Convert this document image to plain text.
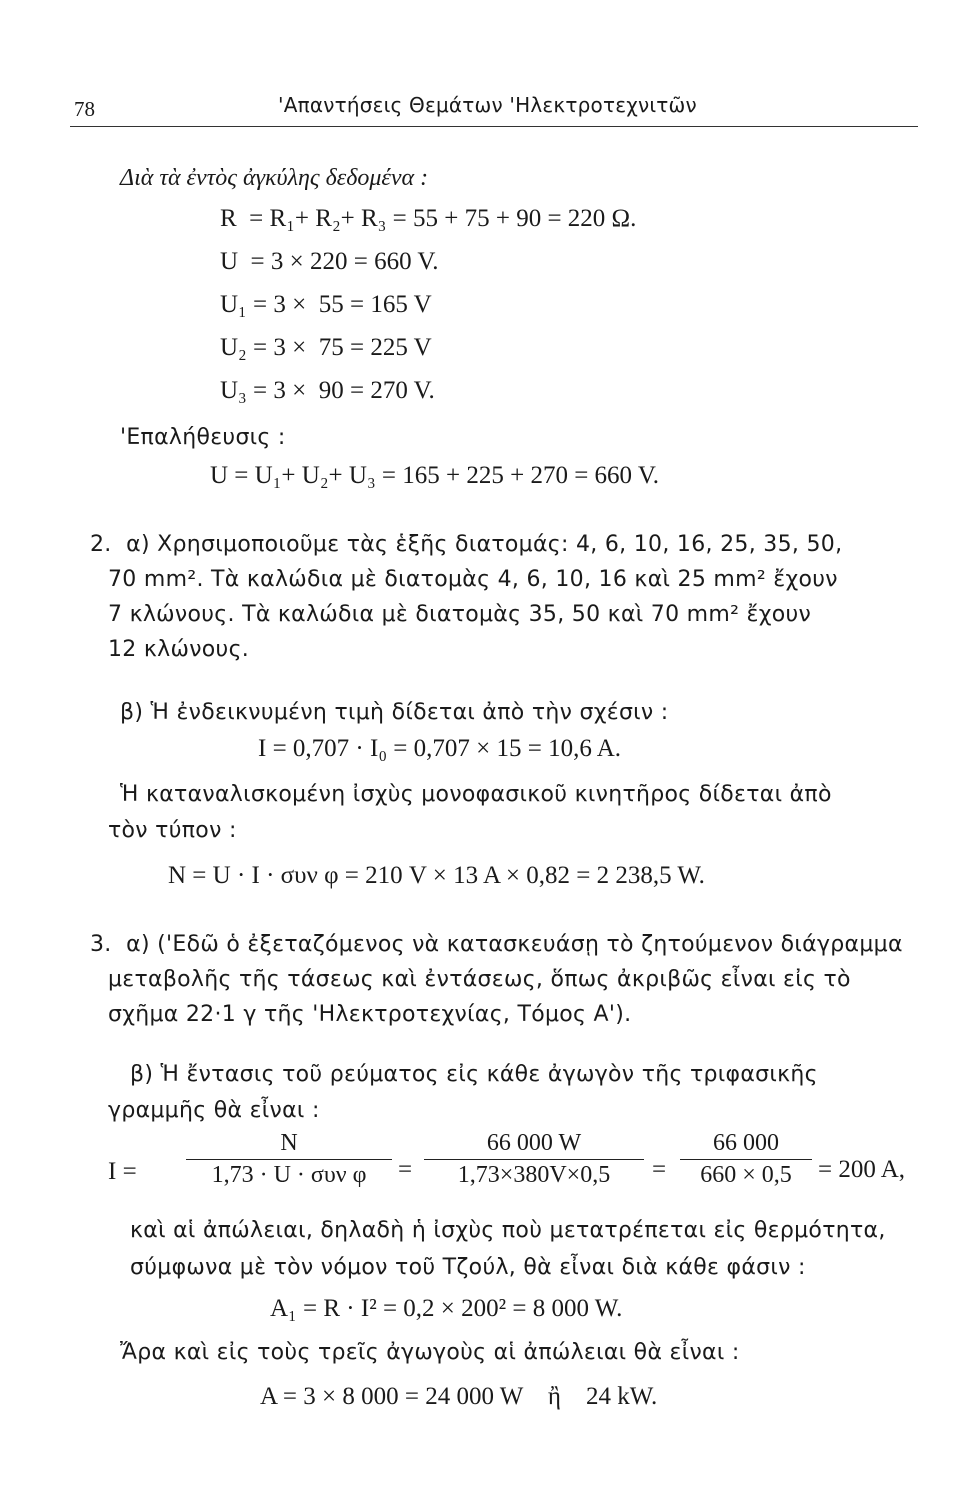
78	'Απαντήσεις Θεμάτων 'Ηλεκτροτεχνιτῶν
Διὰ τὰ ἐντὸς ἀγκύλης δεδομένα :
R  = R₁+ R₂+ R₃ = 55 + 75 + 90 = 220 Ω.
U  = 3 × 220 = 660 V.
U₁ = 3 ×  55 = 165 V
U₂ = 3 ×  75 = 225 V
U₃ = 3 ×  90 = 270 V.
'Επαλήθευσις :
U = U₁+ U₂+ U₃ = 165 + 225 + 270 = 660 V.
2.  α) Χρησιμοποιοῦμε τὰς ἑξῆς διατομάς: 4, 6, 10, 16, 25, 35, 50,
70 mm². Τὰ καλώδια μὲ διατομὰς 4, 6, 10, 16 καὶ 25 mm² ἔχουν
7 κλώνους. Τὰ καλώδια μὲ διατομὰς 35, 50 καὶ 70 mm² ἔχουν
12 κλώνους.
β) Ἡ ἐνδεικνυμένη τιμὴ δίδεται ἀπὸ τὴν σχέσιν :
I = 0,707 · I₀ = 0,707 × 15 = 10,6 A.
Ἡ καταναλισκομένη ἰσχὺς μονοφασικοῦ κινητῆρος δίδεται ἀπὸ
τὸν τύπον :
N = U · I · συν φ = 210 V × 13 A × 0,82 = 2 238,5 W.
3.  α) ('Εδῶ ὁ ἐξεταζόμενος νὰ κατασκευάσῃ τὸ ζητούμενον διάγραμμα
μεταβολῆς τῆς τάσεως καὶ ἐντάσεως, ὅπως ἀκριβῶς εἶναι εἰς τὸ
σχῆμα 22·1 γ τῆς 'Ηλεκτροτεχνίας, Τόμος Α').
β) Ἡ ἔντασις τοῦ ρεύματος εἰς κάθε ἀγωγὸν τῆς τριφασικῆς
γραμμῆς θὰ εἶναι :
I =
N
1,73 · U · συν φ	=
66 000 W
1,73×380V×0,5	=
66 000
660 × 0,5	= 200 A,
καὶ αἱ ἀπώλειαι, δηλαδὴ ἡ ἰσχὺς ποὺ μετατρέπεται εἰς θερμότητα,
σύμφωνα μὲ τὸν νόμον τοῦ Τζούλ, θὰ εἶναι διὰ κάθε φάσιν :
A₁ = R · I² = 0,2 × 200² = 8 000 W.
Ἄρα καὶ εἰς τοὺς τρεῖς ἀγωγοὺς αἱ ἀπώλειαι θὰ εἶναι :
A = 3 × 8 000 = 24 000 W    ἢ    24 kW.
